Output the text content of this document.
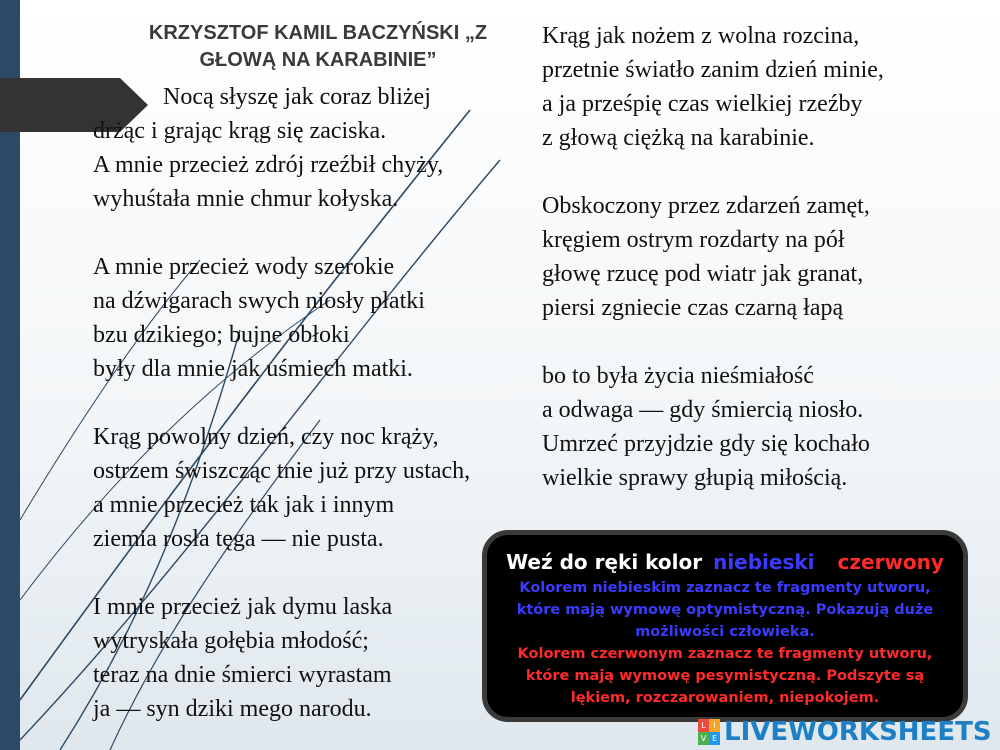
KRZYSZTOF KAMIL BACZYŃSKI „Z
GŁOWĄ NA KARABINIE”
Nocą słyszę jak coraz bliżej
drżąc i grając krąg się zaciska.
A mnie przecież zdrój rzeźbił chyży,
wyhuśtała mnie chmur kołyska.
A mnie przecież wody szerokie
na dźwigarach swych niosły płatki
bzu dzikiego; bujne obłoki
były dla mnie jak uśmiech matki.
Krąg powolny dzień, czy noc krąży,
ostrzem świszcząc tnie już przy ustach,
a mnie przecież tak jak i innym
ziemia rosła tęga — nie pusta.
I mnie przecież jak dymu laska
wytryskała gołębia młodość;
teraz na dnie śmierci wyrastam
ja — syn dziki mego narodu.
Krąg jak nożem z wolna rozcina,
przetnie światło zanim dzień minie,
a ja prześpię czas wielkiej rzeźby
z głową ciężką na karabinie.
Obskoczony przez zdarzeń zamęt,
kręgiem ostrym rozdarty na pół
głowę rzucę pod wiatr jak granat,
piersi zgniecie czas czarną łapą
bo to była życia nieśmiałość
a odwaga — gdy śmiercią niosło.
Umrzeć przyjdzie gdy się kochało
wielkie sprawy głupią miłością.
Weź do ręki kolor niebieski czerwony
Kolorem niebieskim zaznacz te fragmenty utworu,
które mają wymowę optymistyczną. Pokazują duże
możliwości człowieka.
Kolorem czerwonym zaznacz te fragmenty utworu,
które mają wymowę pesymistyczną. Podszyte są
lękiem, rozczarowaniem, niepokojem.
L I
V E LIVEWORKSHEETS
